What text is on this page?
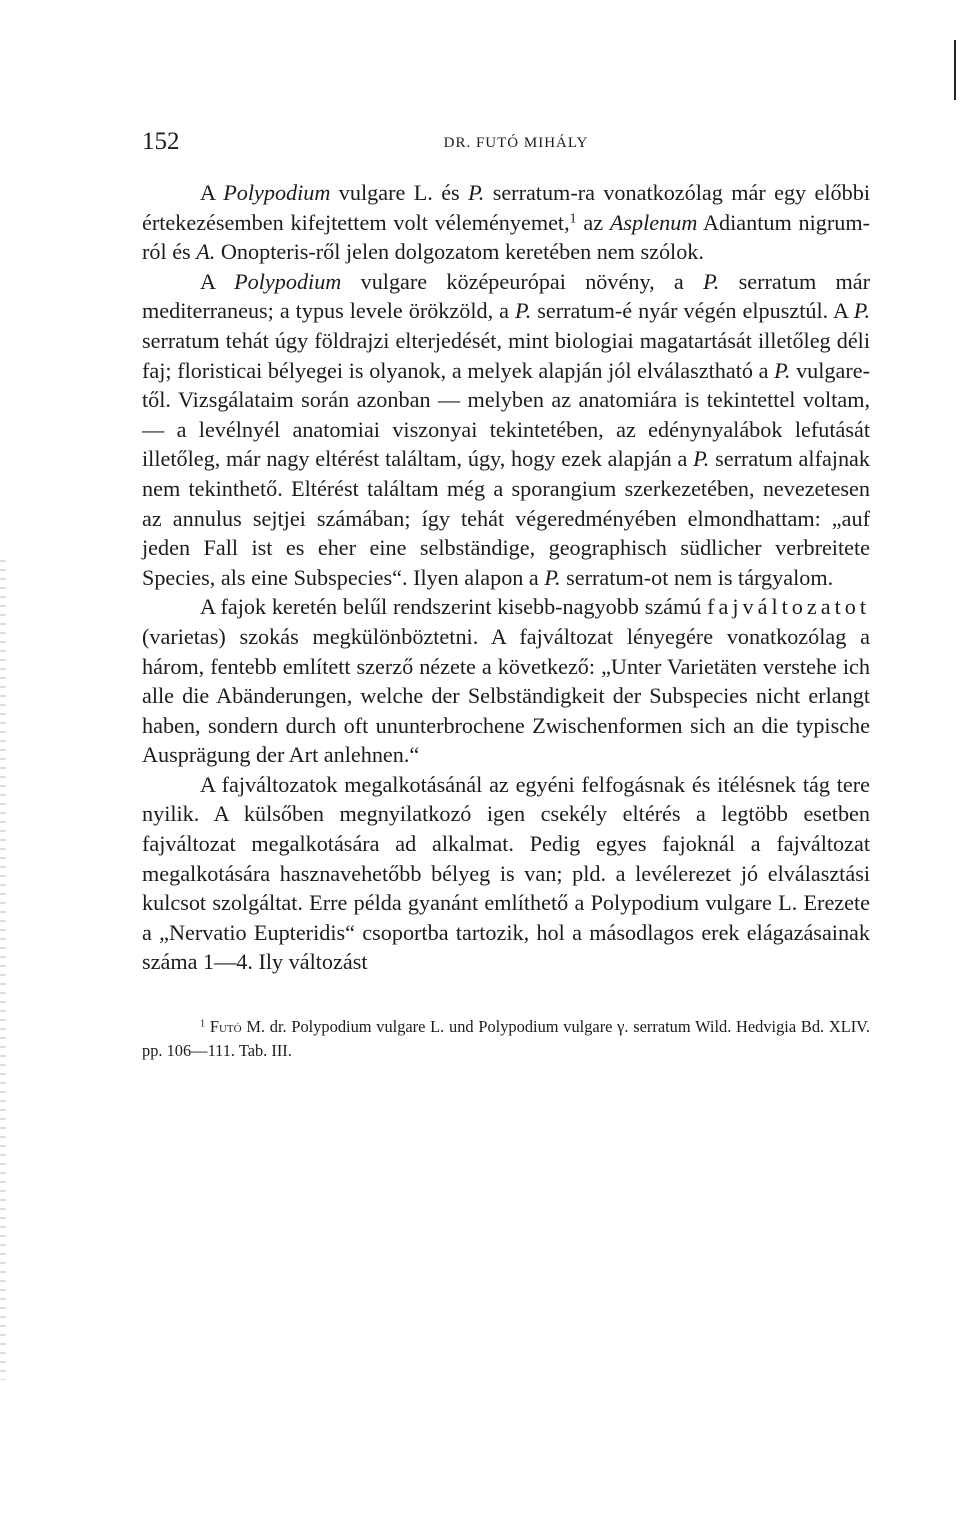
152	DR. FUTÓ MIHÁLY

A Polypodium vulgare L. és P. serratum-ra vonatkozólag már egy előbbi értekezésemben kifejtettem volt véleményemet,$^1$ az Asplenum Adiantum nigrum-ról és A. Onopteris-ről jelen dolgozatom keretében nem szólok.

A Polypodium vulgare középeurópai növény, a P. serratum már mediterraneus; a typus levele örökzöld, a P. serratum-é nyár végén elpusztúl. A P. serratum tehát úgy földrajzi elterjedését, mint biologiai magatartását illetőleg déli faj; floristicai bélyegei is olyanok, a melyek alapján jól elválasztható a P. vulgare-től. Vizsgálataim során azonban — melyben az anatomiára is tekintettel voltam, — a levélnyél anatomiai viszonyai tekintetében, az edénynyalábok lefutását illetőleg, már nagy eltérést találtam, úgy, hogy ezek alapján a P. serratum alfajnak nem tekinthető. Eltérést találtam még a sporangium szerkezetében, nevezetesen az annulus sejtjei számában; így tehát végeredményében elmondhattam: „auf jeden Fall ist es eher eine selbständige, geographisch südlicher verbreitete Species, als eine Subspecies“. Ilyen alapon a P. serratum-ot nem is tárgyalom.

A fajok keretén belűl rendszerint kisebb-nagyobb számú fajváltozatot (varietas) szokás megkülönböztetni. A fajváltozat lényegére vonatkozólag a három, fentebb említett szerző nézete a következő: „Unter Varietäten verstehe ich alle die Abänderungen, welche der Selbständigkeit der Subspecies nicht erlangt haben, sondern durch oft ununterbrochene Zwischenformen sich an die typische Ausprägung der Art anlehnen.“

A fajváltozatok megalkotásánál az egyéni felfogásnak és itélésnek tág tere nyilik. A külsőben megnyilatkozó igen csekély eltérés a legtöbb esetben fajváltozat megalkotására ad alkalmat. Pedig egyes fajoknál a fajváltozat megalkotására hasznavehetőbb bélyeg is van; pld. a levélerezet jó elválasztási kulcsot szolgáltat. Erre példa gyanánt említhető a Polypodium vulgare L. Erezete a „Nervatio Eupteridis“ csoportba tartozik, hol a másodlagos erek elágazásainak száma 1—4. Ily változást

$^1$ Futó M. dr. Polypodium vulgare L. und Polypodium vulgare γ. serratum Wild. Hedvigia Bd. XLIV. pp. 106—111. Tab. III.
